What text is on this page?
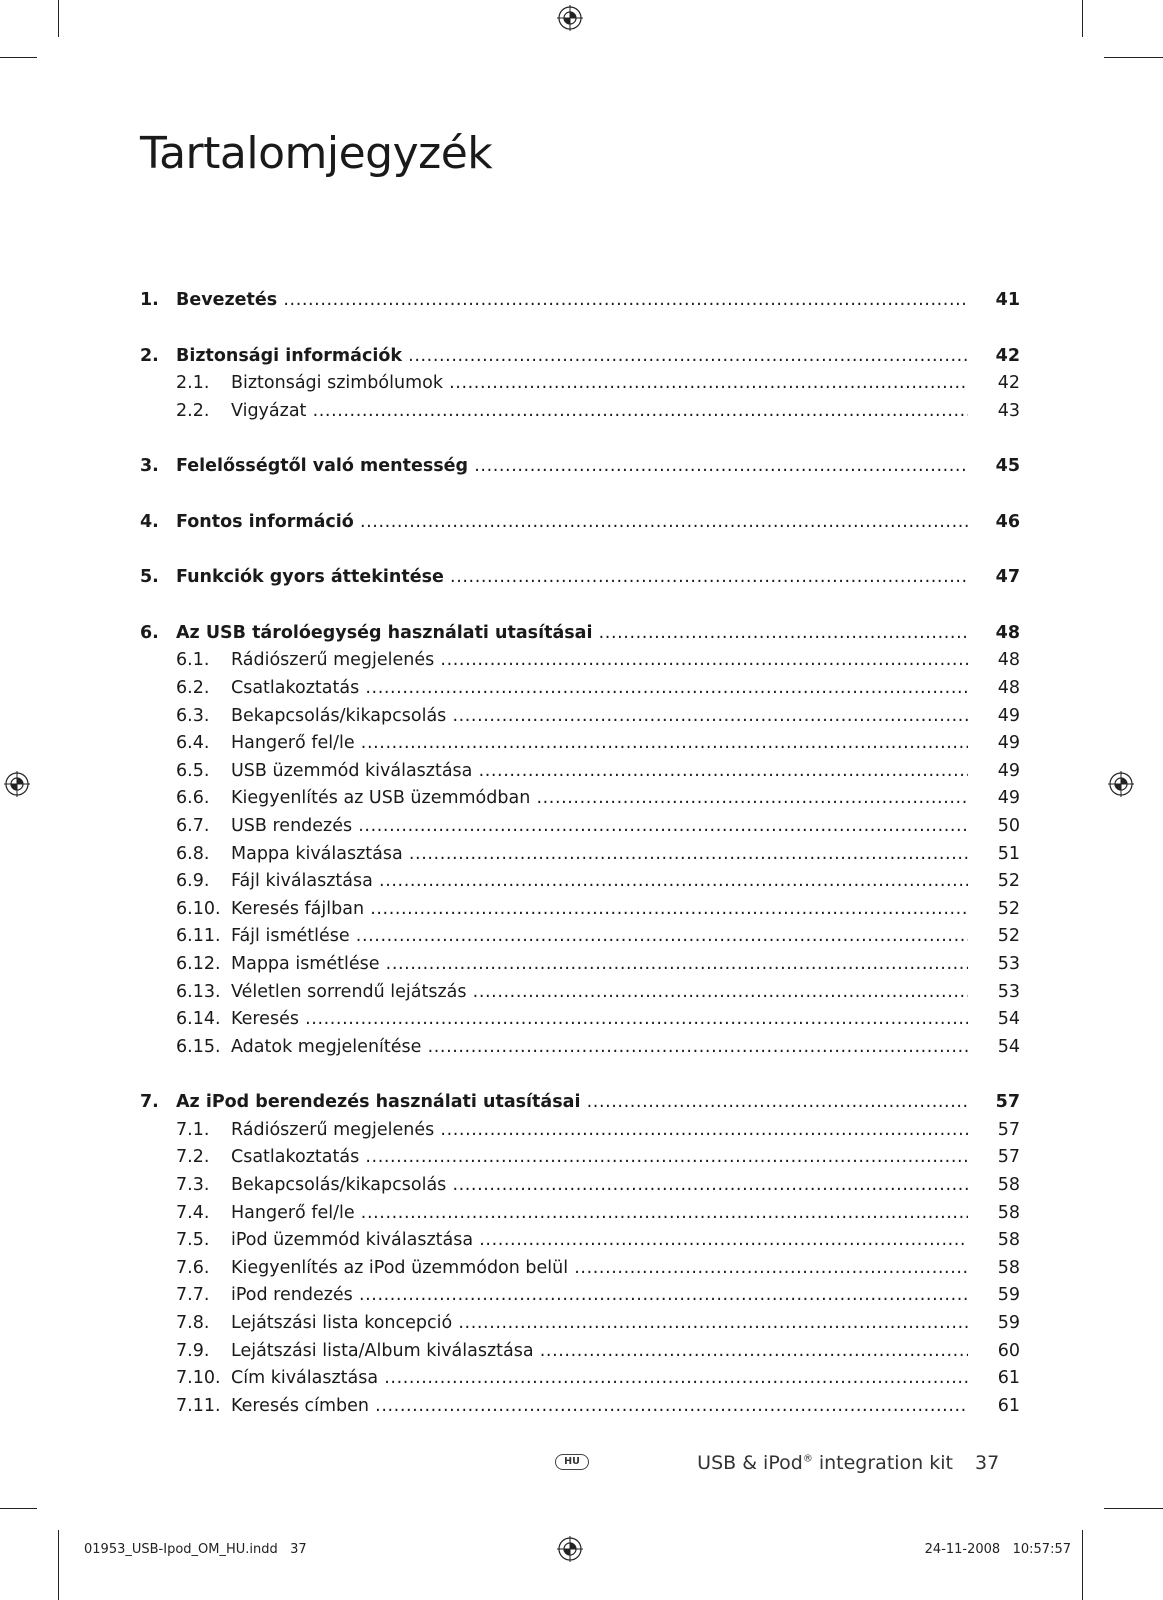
Tartalomjegyzék
1. Bevezetés .....	41
2. Biztonsági információk .....	42
2.1. Biztonsági szimbólumok .....	42
2.2. Vigyázat .....	43
3. Felelősségtől való mentesség .....	45
4. Fontos információ .....	46
5. Funkciók gyors áttekintése .....	47
6. Az USB tárolóegység használati utasításai .....	48
6.1. Rádiószerű megjelenés .....	48
6.2. Csatlakoztatás .....	48
6.3. Bekapcsolás/kikapcsolás .....	49
6.4. Hangerő fel/le .....	49
6.5. USB üzemmód kiválasztása .....	49
6.6. Kiegyenlítés az USB üzemmódban .....	49
6.7. USB rendezés .....	50
6.8. Mappa kiválasztása .....	51
6.9. Fájl kiválasztása .....	52
6.10. Keresés fájlban .....	52
6.11. Fájl ismétlése .....	52
6.12. Mappa ismétlése .....	53
6.13. Véletlen sorrendű lejátszás .....	53
6.14. Keresés .....	54
6.15. Adatok megjelenítése .....	54
7. Az iPod berendezés használati utasításai .....	57
7.1. Rádiószerű megjelenés .....	57
7.2. Csatlakoztatás .....	57
7.3. Bekapcsolás/kikapcsolás .....	58
7.4. Hangerő fel/le .....	58
7.5. iPod üzemmód kiválasztása .....	58
7.6. Kiegyenlítés az iPod üzemmódon belül .....	58
7.7. iPod rendezés .....	59
7.8. Lejátszási lista koncepció .....	59
7.9. Lejátszási lista/Album kiválasztása .....	60
7.10. Cím kiválasztása .....	61
7.11. Keresés címben .....	61
HU	USB & iPod® integration kit 37
01953_USB-Ipod_OM_HU.indd   37	24-11-2008   10:57:57
